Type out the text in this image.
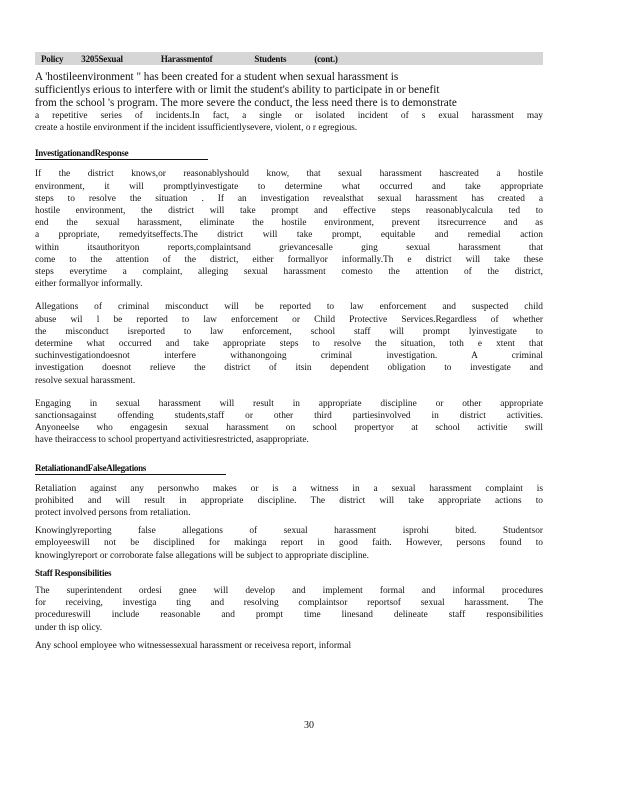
Policy 3205Sexual	Harassmentof	Students	(cont.)
A 'hostileenvironment " has been created for a student when sexual harassment is
sufficientlys erious to interfere with or limit the student's ability to participate in or benefit
from the school 's program. The more severe the conduct, the less need there is to demonstrate
a repetitive series of incidents.In fact, a single or isolated incident of s exual harassment may
create a hostile environment if the incident issufficientlysevere, violent, o r egregious.
InvestigationandResponse
If the district knows,or reasonablyshould know, that sexual harassment hascreated a hostile
environment, it will promptlyinvestigate to determine what occurred and take appropriate
steps to resolve the situation . If an investigation revealsthat sexual harassment has created a
hostile environment, the district will take prompt and effective steps reasonablycalcula ted to
end the sexual harassment, eliminate the hostile environment, prevent itsrecurrence and as
a ppropriate, remedyitseffects.The district will take prompt, equitable and remedial action
within itsauthorityon reports,complaintsand grievancesalle ging sexual harassment that
come to the attention of the district, either formallyor informally.Th e district will take these
steps everytime a complaint, alleging sexual harassment comesto the attention of the district,
either formallyor informally.
Allegations of criminal misconduct will be reported to law enforcement and suspected child
abuse wil l be reported to law enforcement or Child Protective Services.Regardless of whether
the misconduct isreported to law enforcement, school staff will prompt lyinvestigate to
determine what occurred and take appropriate steps to resolve the situation, toth e xtent that
suchinvestigationdoesnot interfere withanongoing criminal investigation. A criminal
investigation doesnot relieve the district of itsin dependent obligation to investigate and
resolve sexual harassment.
Engaging in sexual harassment will result in appropriate discipline or other appropriate
sanctionsagainst offending students,staff or other third partiesinvolved in district activities.
Anyoneelse who engagesin sexual harassment on school propertyor at school activitie swill
have theiraccess to school propertyand activitiesrestricted, asappropriate.
RetaliationandFalseAllegations
Retaliation against any personwho makes or is a witness in a sexual harassment complaint is
prohibited and will result in appropriate discipline. The district will take appropriate actions to
protect involved persons from retaliation.
Knowinglyreporting false allegations of sexual harassment isprohi bited. Studentsor
employeeswill not be disciplined for makinga report in good faith. However, persons found to
knowinglyreport or corroborate false allegations will be subject to appropriate discipline.
Staff Responsibilities
The superintendent ordesi gnee will develop and implement formal and informal procedures
for receiving, investiga ting and resolving complaintsor reportsof sexual harassment. The
procedureswill include reasonable and prompt time linesand delineate staff responsibilities
under th isp olicy.
Any school employee who witnessessexual harassment or receivesa report, informal
30
